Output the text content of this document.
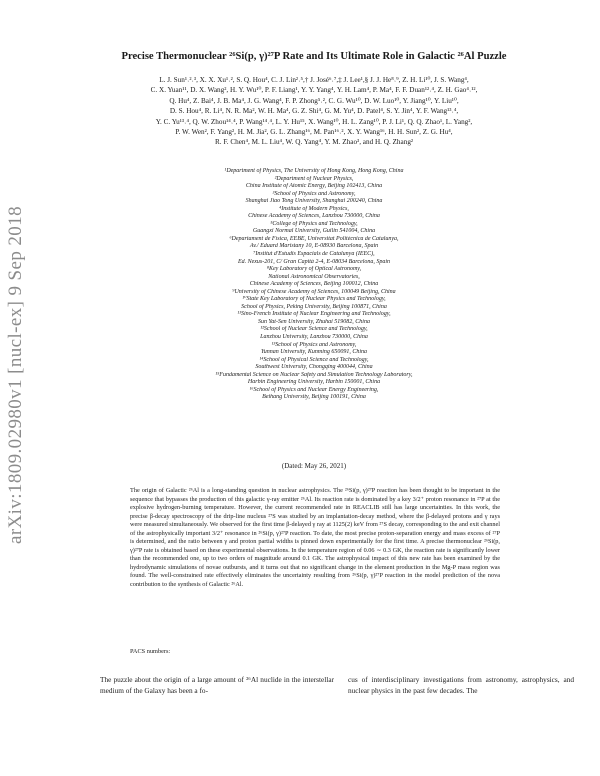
arXiv:1809.02980v1 [nucl-ex] 9 Sep 2018
Precise Thermonuclear ²⁶Si(p, γ)²⁷P Rate and Its Ultimate Role in Galactic ²⁶Al Puzzle
L. J. Sun¹˒²˒³, X. X. Xu¹˒², S. Q. Hou⁴, C. J. Lin²˒⁵,† J. José⁶˒⁷,‡ J. Lee¹,§ J. J. He⁸˒⁹, Z. H. Li¹⁰, J. S. Wang⁴,
C. X. Yuan¹¹, D. X. Wang², H. Y. Wu¹⁰, P. F. Liang¹, Y. Y. Yang⁴, Y. H. Lam⁴, P. Ma⁴, F. F. Duan¹²˒⁴, Z. H. Gao⁴˒¹²,
Q. Hu⁴, Z. Bai⁴, J. B. Ma⁴, J. G. Wang⁴, F. P. Zhong⁵˒², C. G. Wu¹⁰, D. W. Luo¹⁰, Y. Jiang¹⁰, Y. Liu¹⁰,
D. S. Hou⁴, R. Li⁴, N. R. Ma², W. H. Ma⁴, G. Z. Shi⁴, G. M. Yu⁴, D. Patel⁴, S. Y. Jin⁴, Y. F. Wang¹³˒⁴,
Y. C. Yu¹³˒⁴, Q. W. Zhou¹⁴˒⁴, P. Wang¹⁴˒⁴, L. Y. Hu¹⁵, X. Wang¹⁰, H. L. Zang¹⁰, P. J. Li¹, Q. Q. Zhao¹, L. Yang²,
P. W. Wen², F. Yang², H. M. Jia², G. L. Zhang¹⁶, M. Pan¹⁶˒², X. Y. Wang¹⁶, H. H. Sun², Z. G. Hu⁴,
R. F. Chen⁴, M. L. Liu⁴, W. Q. Yang⁴, Y. M. Zhao³, and H. Q. Zhang²
¹Department of Physics, The University of Hong Kong, Hong Kong, China
²Department of Nuclear Physics,
China Institute of Atomic Energy, Beijing 102413, China
³School of Physics and Astronomy,
Shanghai Jiao Tong University, Shanghai 200240, China
⁴Institute of Modern Physics,
Chinese Academy of Sciences, Lanzhou 730000, China
⁵College of Physics and Technology,
Guangxi Normal University, Guilin 541004, China
⁶Departament de Física, EEBE, Universitat Politècnica de Catalunya,
Av./ Eduard Maristany 10, E-08930 Barcelona, Spain
⁷Institut d'Estudis Espacials de Catalunya (IEEC),
Ed. Nexus-201, C/ Gran Capità 2-4, E-08034 Barcelona, Spain
⁸Key Laboratory of Optical Astronomy,
National Astronomical Observatories,
Chinese Academy of Sciences, Beijing 100012, China
⁹University of Chinese Academy of Sciences, 100049 Beijing, China
¹⁰State Key Laboratory of Nuclear Physics and Technology,
School of Physics, Peking University, Beijing 100871, China
¹¹Sino-French Institute of Nuclear Engineering and Technology,
Sun Yat-Sen University, Zhuhai 519082, China
¹²School of Nuclear Science and Technology,
Lanzhou University, Lanzhou 730000, China
¹³School of Physics and Astronomy,
Yunnan University, Kunming 650091, China
¹⁴School of Physical Science and Technology,
Southwest University, Chongqing 400044, China
¹⁵Fundamental Science on Nuclear Safety and Simulation Technology Laboratory,
Harbin Engineering University, Harbin 150001, China
¹⁶School of Physics and Nuclear Energy Engineering,
Beihang University, Beijing 100191, China
(Dated: May 26, 2021)
The origin of Galactic ²⁶Al is a long-standing question in nuclear astrophysics. The ²⁶Si(p, γ)²⁷P reaction has been thought to be important in the sequence that bypasses the production of this galactic γ-ray emitter ²⁶Al. Its reaction rate is dominated by a key 3/2⁺ proton resonance in ²⁷P at the explosive hydrogen-burning temperature. However, the current recommended rate in REACLIB still has large uncertainties. In this work, the precise β-decay spectroscopy of the drip-line nucleus ²⁷S was studied by an implantation-decay method, where the β-delayed protons and γ rays were measured simultaneously. We observed for the first time β-delayed γ ray at 1125(2) keV from ²⁷S decay, corresponding to the and exit channel of the astrophysically important 3/2⁺ resonance in ²⁶Si(p, γ)²⁷P reaction. To date, the most precise proton-separation energy and mass excess of ²⁷P is determined, and the ratio between γ and proton partial widths is pinned down experimentally for the first time. A precise thermonuclear ²⁶Si(p, γ)²⁷P rate is obtained based on these experimental observations. In the temperature region of 0.06 ∼ 0.3 GK, the reaction rate is significantly lower than the recommended one, up to two orders of magnitude around 0.1 GK. The astrophysical impact of this new rate has been examined by the hydrodynamic simulations of novae outbursts, and it turns out that no significant change in the element production in the Mg-P mass region was found. The well-constrained rate effectively eliminates the uncertainty resulting from ²⁶Si(p, γ)²⁷P reaction in the model prediction of the nova contribution to the synthesis of Galactic ²⁶Al.
PACS numbers:
The puzzle about the origin of a large amount of ²⁶Al nuclide in the interstellar medium of the Galaxy has been a fo-
cus of interdisciplinary investigations from astronomy, astrophysics, and nuclear physics in the past few decades. The
